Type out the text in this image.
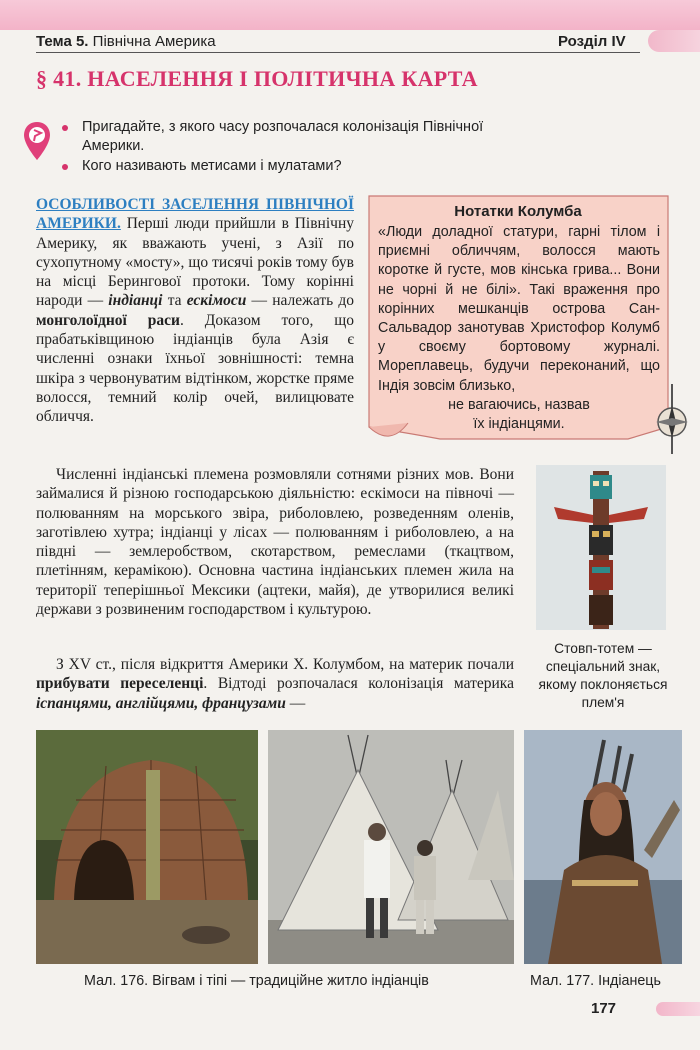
Тема 5. Північна Америка	Розділ IV
§ 41. НАСЕЛЕННЯ І ПОЛІТИЧНА КАРТА
Пригадайте, з якого часу розпочалася колонізація Північної Америки.
Кого називають метисами і мулатами?
ОСОБЛИВОСТІ ЗАСЕЛЕННЯ ПІВНІЧНОЇ АМЕРИКИ. Перші люди прийшли в Північну Америку, як вважають учені, з Азії по сухопутному «мосту», що тисячі років тому був на місці Берингової протоки. Тому корінні народи — індіанці та ескімоси — належать до монголоїдної раси. Доказом того, що прабатьківщиною індіанців була Азія є численні ознаки їхньої зовнішності: темна шкіра з червонуватим відтінком, жорстке пряме волосся, темний колір очей, вилицювате обличчя.
Нотатки Колумба
«Люди доладної статури, гарні тілом і приємні обличчям, волосся мають коротке й густе, мов кінська грива... Вони не чорні й не білі». Такі враження про корінних мешканців острова Сан-Сальвадор занотував Христофор Колумб у своєму бортовому журналі. Мореплавець, будучи переконаний, що Індія зовсім близько,
не вагаючись, назвав
їх індіанцями.
Численні індіанські племена розмовляли сотнями різних мов. Вони займалися й різною господарською діяльністю: ескімоси на півночі — полюванням на морського звіра, риболовлею, розведенням оленів, заготівлею хутра; індіанці у лісах — полюванням і риболовлею, а на півдні — землеробством, скотарством, ремеслами (ткацтвом, плетінням, керамікою). Основна частина індіанських племен жила на території теперішньої Мексики (ацтеки, майя), де утворилися великі держави з розвиненим господарством і культурою.
З XV ст., після відкриття Америки Х. Колумбом, на материк почали прибувати переселенці. Відтоді розпочалася колонізація материка іспанцями, англійцями, французами —
Стовп-тотем — спеціальний знак, якому поклоняється плем'я
Мал. 176. Вігвам і тіпі — традиційне житло індіанців	Мал. 177. Індіанець
177
